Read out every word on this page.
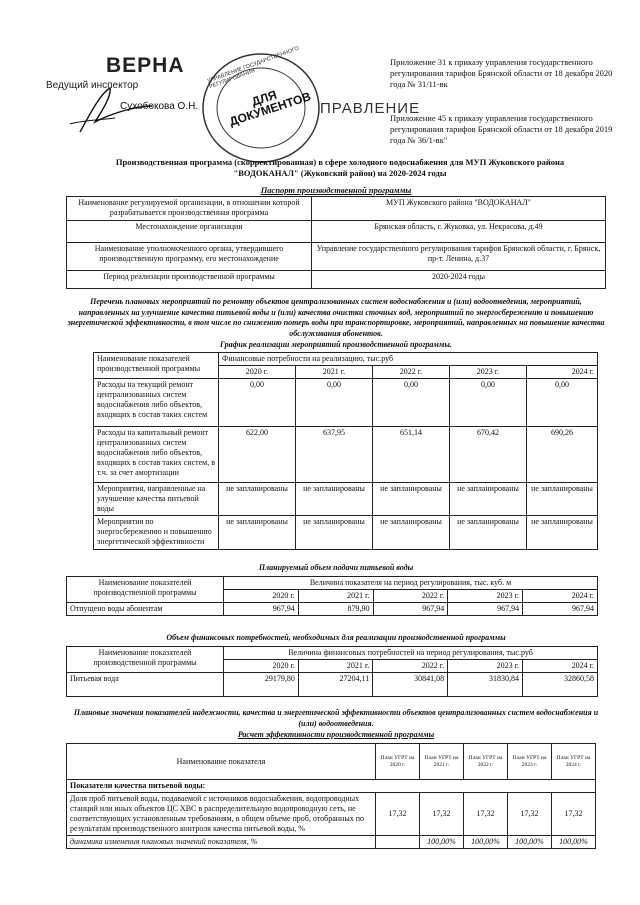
ВЕРНА
Ведущий инспектор
Сухобокова О.Н.	ДЛЯ ДОКУМЕНТОВ
УПРАВЛЕНИЕ ГОСУДАРСТВЕННОГО РЕГУЛИРОВАНИЯ
ПРАВЛЕНИЕ
Приложение 31 к приказу управления государственного регулирования тарифов Брянской области от 18 декабря 2020 года № 31/11-вк
Приложение 45 к приказу управления государственного регулирования тарифов Брянской области от 18 декабря 2019 года № 36/1-вк"
Производственная программа (скорректированная) в сфере холодного водоснабжения для МУП Жуковского района "ВОДОКАНАЛ" (Жуковский район) на 2020-2024 годы
Паспорт производственной программы
Наименование регулируемой организации, в отношении которой разрабатывается производственная программа	МУП Жуковского района "ВОДОКАНАЛ"
Местонахождение организации	Брянская область, г. Жуковка, ул. Некрасова, д.49
Наименование уполномоченного органа, утвердившего производственную программу, его местонахождение	Управление государственного регулирования тарифов Брянской области, г. Брянск, пр-т. Ленина, д.37
Период реализации производственной программы	2020-2024 годы
Перечень плановых мероприятий по ремонту объектов централизованных систем водоснабжения и (или) водоотведения, мероприятий, направленных на улучшение качества питьевой воды и (или) качества очистки сточных вод, мероприятий по энергосбережению и повышению энергетической эффективности, в том числе по снижению потерь воды при транспортировке, мероприятий, направленных на повышение качества обслуживания абонентов.
График реализации мероприятий производственной программы.
Наименование показателей производственной программы	Финансовые потребности на реализацию, тыс.руб				
	2020 г.	2021 г.	2022 г.	2023 г.	2024 г.
Расходы на текущий ремонт централизованных систем водоснабжения либо объектов, входящих в состав таких систем	0,00	0,00	0,00	0,00	0,00
Расходы на капитальный ремонт централизованных систем водоснабжения либо объектов, входящих в состав таких систем, в т.ч. за счет амортизации	622,00	637,95	651,14	670,42	690,26
Мероприятия, направленные на улучшение качества питьевой воды	не запланированы	не запланированы	не запланированы	не запланированы	не запланированы
Мероприятия по энергосбережению и повышению энергетической эффективности	не запланированы	не запланированы	не запланированы	не запланированы	не запланированы
Планируемый объем подачи питьевой воды
Наименование показателей производственной программы	Величина показателя на период регулирования, тыс. куб. м				
	2020 г.	2021 г.	2022 г.	2023 г.	2024 г.
Отпущено воды абонентам	967,94	879,90	967,94	967,94	967,94
Объем финансовых потребностей, необходимых для реализации производственной программы
Наименование показателей производственной программы	Величина финансовых потребностей на период регулирования, тыс.руб				
	2020 г.	2021 г.	2022 г.	2023 г.	2024 г.
Питьевая вода	29179,80	27204,11	30841,08	31830,84	32860,58
Плановые значения показателей надежности, качества и энергетической эффективности объектов централизованных систем водоснабжения и (или) водоотведения.
Расчет эффективности производственной программы
Наименование показателя	План УГРТ на 2020 г.	План УГРТ на 2021 г.	План УГРТ на 2022 г.	План УГРТ на 2023 г.	План УГРТ на 2024 г.
Показатели качества питьевой воды:					
Доля проб питьевой воды, подаваемой с источников водоснабжения, водопроводных станций или иных объектов ЦС ХВС в распределительную водопроводную сеть, не соответствующих установленным требованиям, в общем объеме проб, отобранных по результатам производственного контроля качества питьевой воды, %	17,32	17,32	17,32	17,32	17,32
динамика изменения плановых значений показателя, %		100,00%	100,00%	100,00%	100,00%
